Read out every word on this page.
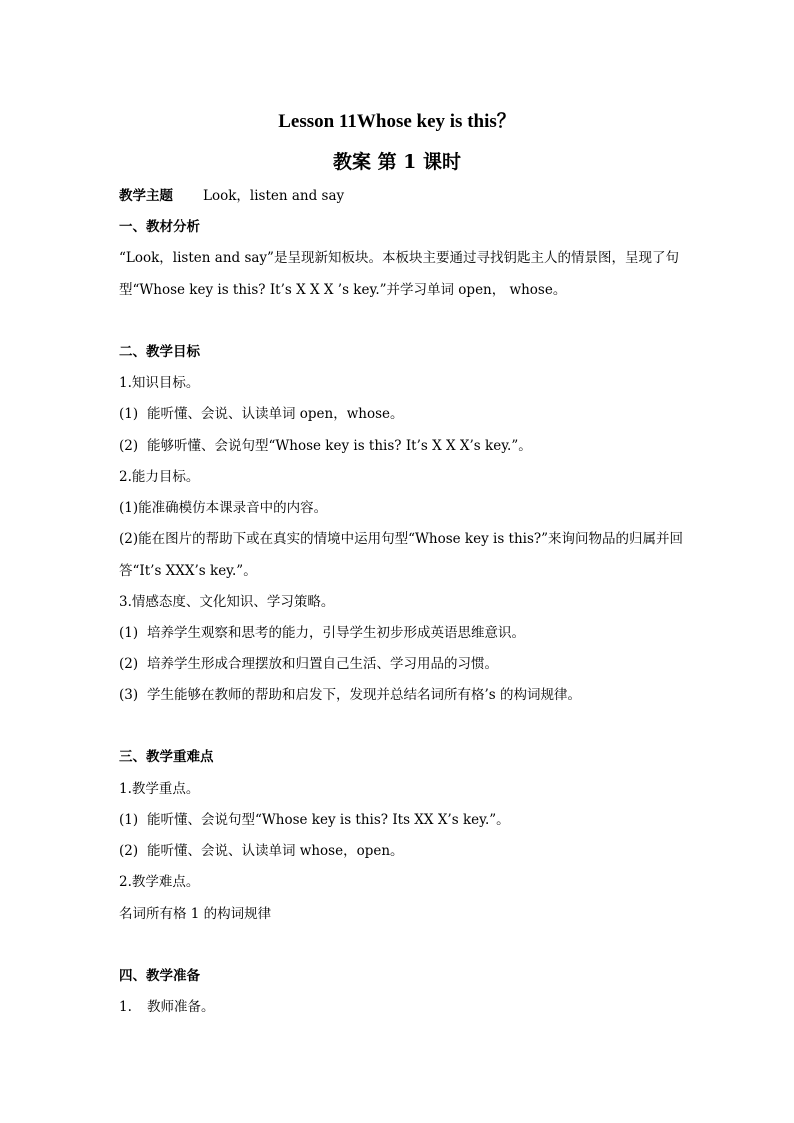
Lesson 11Whose key is this？
教案 第 1 课时
教学主题 Look，listen and say
一、教材分析
“Look，listen and say”是呈现新知板块。本板块主要通过寻找钥匙主人的情景图，呈现了句
型“Whose key is this? It’s X X X ’s key.”并学习单词 open， whose。
二、教学目标
1.知识目标。
(1) 能听懂、会说、认读单词 open，whose。
(2) 能够听懂、会说句型“Whose key is this? It’s X X X’s key.”。
2.能力目标。
(1)能准确模仿本课录音中的内容。
(2)能在图片的帮助下或在真实的情境中运用句型“Whose key is this?”来询问物品的归属并回
答“It’s XXX’s key.”。
3.情感态度、文化知识、学习策略。
(1) 培养学生观察和思考的能力，引导学生初步形成英语思维意识。
(2) 培养学生形成合理摆放和归置自己生活、学习用品的习惯。
(3) 学生能够在教师的帮助和启发下，发现并总结名词所有格’s 的构词规律。
三、教学重难点
1.教学重点。
(1) 能听懂、会说句型“Whose key is this? Its XX X’s key.”。
(2) 能听懂、会说、认读单词 whose，open。
2.教学难点。
名词所有格 1 的构词规律
四、教学准备
1. 教师准备。
